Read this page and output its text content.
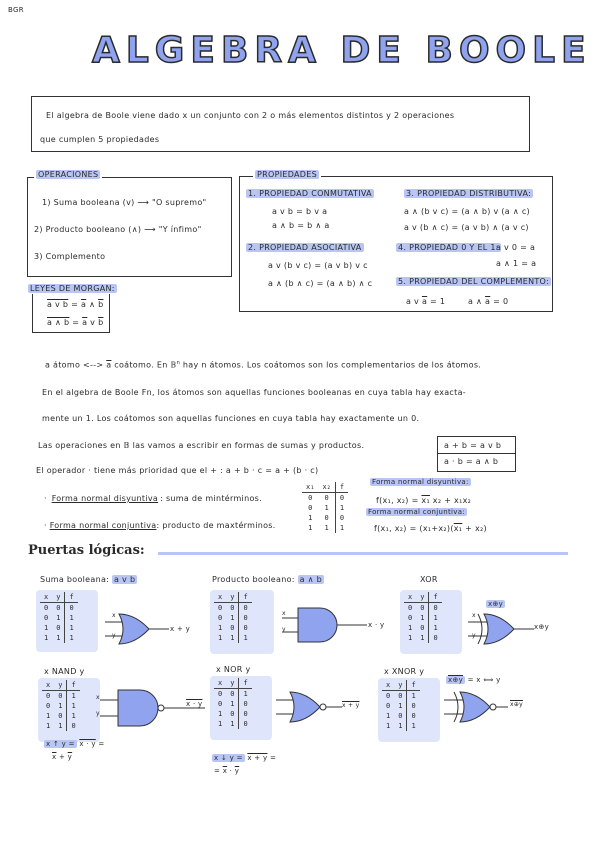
BGR
ALGEBRA DE BOOLE
El algebra de Boole viene dado x un conjunto con 2 o más elementos distintos y 2 operaciones
que cumplen 5 propiedades
1) Suma booleana (v) ⟶ "O supremo"
2) Producto booleano (∧) ⟶ "Y ínfimo"
3) Complemento
OPERACIONES
LEYES DE MORGAN:
a v $b = \overline{a}$ ∧ $\overline{b}$
a ∧ $b = \overline{a}$ v $\overline{b}$
1. PROPIEDAD CONMUTATIVA
a v b = b v a
a ∧ b = b ∧ a
2. PROPIEDAD ASOCIATIVA
a v (b v c) = (a v b) v c
a ∧ (b ∧ c) = (a ∧ b) ∧ c
3. PROPIEDAD DISTRIBUTIVA:
a ∧ (b v c) = (a ∧ b) v (a ∧ c)
a v (b ∧ c) = (a v b) ∧ (a v c)
4. PROPIEDAD 0 Y EL 1:
a v 0 = a
a ∧ 1 = a
5. PROPIEDAD DEL COMPLEMENTO:
a v $\overline{a} = 1$	a ∧ $\overline{a} = 0$
PROPIEDADES
a átomo <--> $\overline{a}$ coátomo. En 𝔹$^n$ hay n átomos. Los coátomos son los complementarios de los átomos.
En el algebra de Boole Fn, los átomos son aquellas funciones booleanas en cuya tabla hay exacta-
mente un 1. Los coátomos son aquellas funciones en cuya tabla hay exactamente un 0.
Las operaciones en 𝔹 las vamos a escribir en formas de sumas y productos.	a + b = a v b
a · b = a ∧ b
El operador · tiene más prioridad que el + : a + b · c = a + (b · c)
· Forma normal disyuntiva : suma de mintérminos.
· Forma normal conjuntiva: producto de maxtérminos.
x₁	x₂	f
0	0	0
0	1	1
1	0	0
1	1	1
Forma normal disyuntiva:
f(x₁, x₂) = x₁ x₂ + x₁x₂
Forma normal conjuntiva:
f(x₁, x₂) = (x₁+x₂)(x₁ + x₂)
Puertas lógicas:
Suma booleana: a v b
x	y	f
0	0	0
0	1	1
1	0	1
1	1	1
x
y
x + y
Producto booleano: a ∧ b
x	y	f
0	0	0
0	1	0
1	0	0
1	1	1
x
y
x · y
XOR
x	y	f
0	0	0
0	1	1
1	0	1
1	1	0
x⊕y
x
y
x⊕y
x NAND y
x	y	f
0	0	1
0	1	1
1	0	1
1	1	0
x
y
x · y
x ↑ y = x · y =
$\overline{x} + \overline{y}$
x NOR y
x	y	f
0	0	1
0	1	0
1	0	0
1	1	0
x + y
x ↓ y = x + y =
= $\overline{x} \cdot \overline{y}$
x XNOR y
x	y	f
0	0	1
0	1	0
1	0	0
1	1	1
x⊕y = x ⟺ y
x⊕y
